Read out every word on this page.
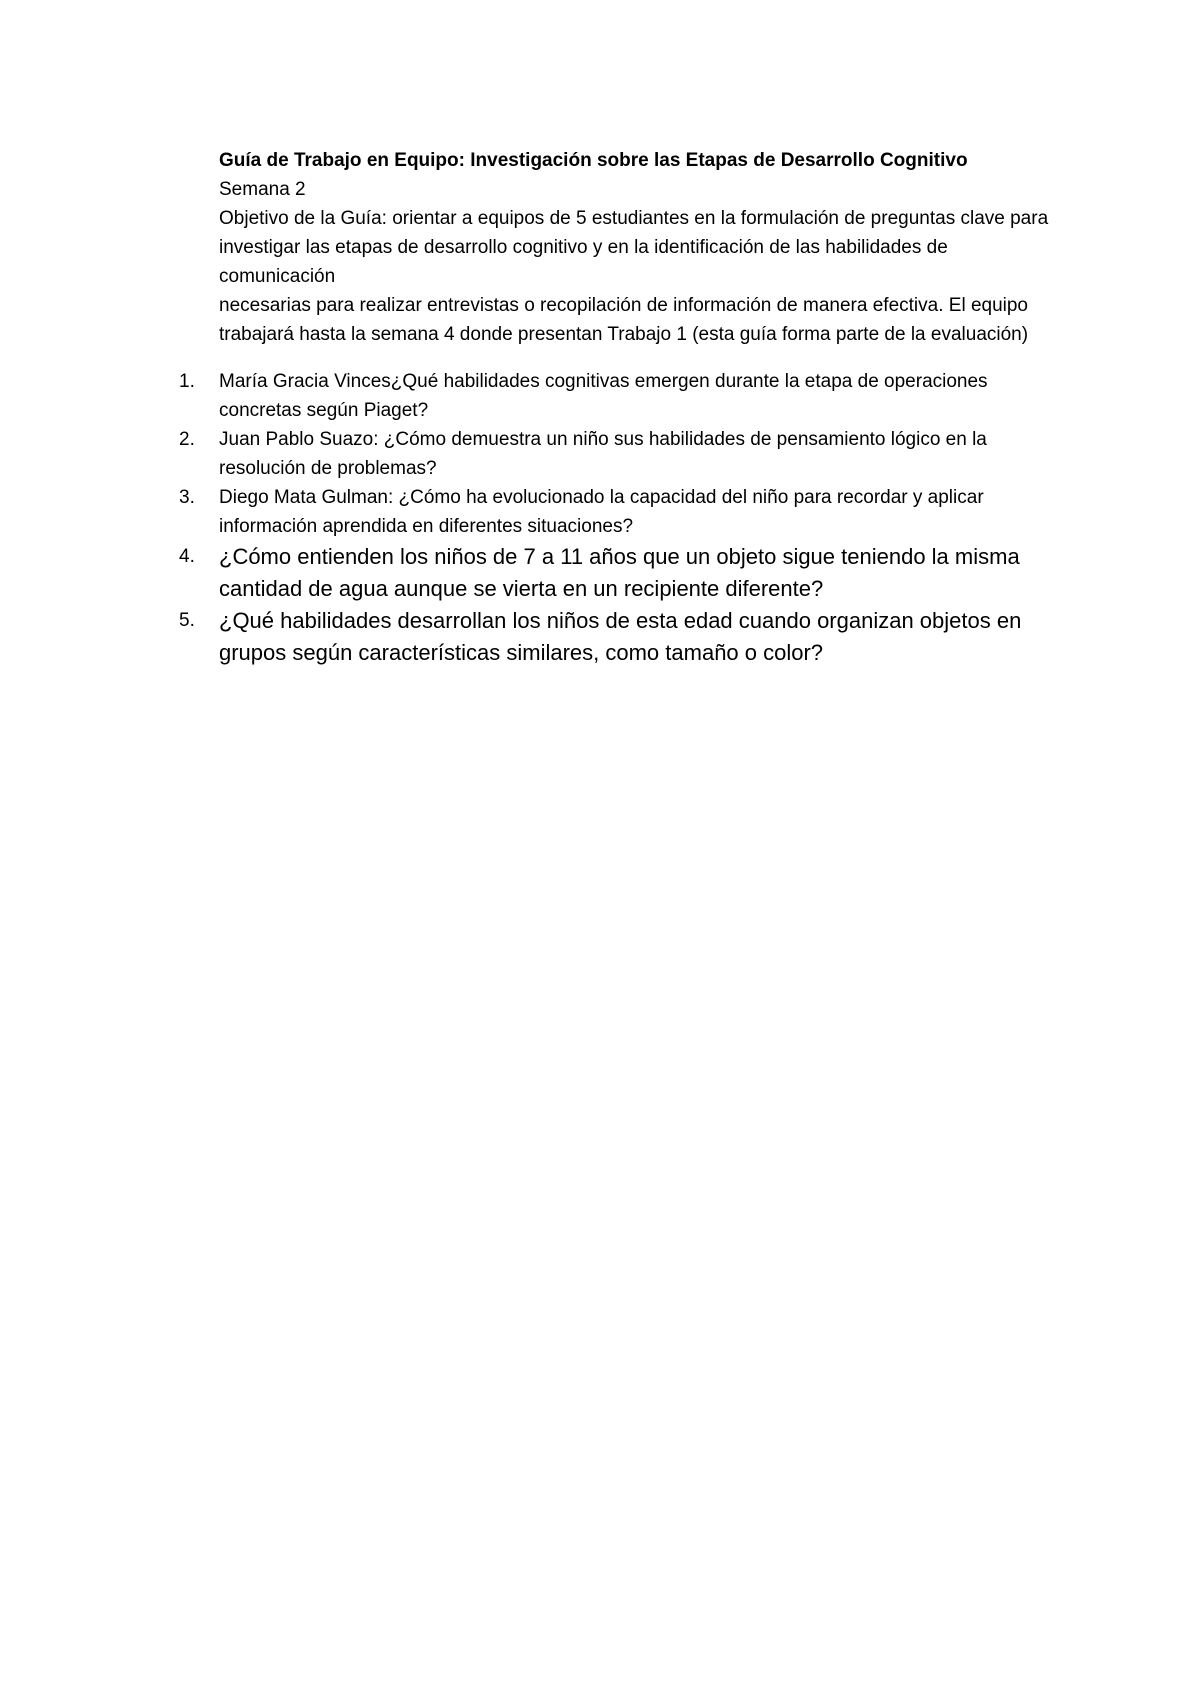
Guía de Trabajo en Equipo: Investigación sobre las Etapas de Desarrollo Cognitivo

Semana 2

Objetivo de la Guía: orientar a equipos de 5 estudiantes en la formulación de preguntas clave para

investigar las etapas de desarrollo cognitivo y en la identificación de las habilidades de comunicación

necesarias para realizar entrevistas o recopilación de información de manera efectiva. El equipo

trabajará hasta la semana 4 donde presentan Trabajo 1 (esta guía forma parte de la evaluación)

1. María Gracia Vinces¿Qué habilidades cognitivas emergen durante la etapa de operaciones concretas según Piaget?
2. Juan Pablo Suazo: ¿Cómo demuestra un niño sus habilidades de pensamiento lógico en la resolución de problemas?
3. Diego Mata Gulman: ¿Cómo ha evolucionado la capacidad del niño para recordar y aplicar información aprendida en diferentes situaciones?
4. ¿Cómo entienden los niños de 7 a 11 años que un objeto sigue teniendo la misma cantidad de agua aunque se vierta en un recipiente diferente?
5. ¿Qué habilidades desarrollan los niños de esta edad cuando organizan objetos en grupos según características similares, como tamaño o color?
